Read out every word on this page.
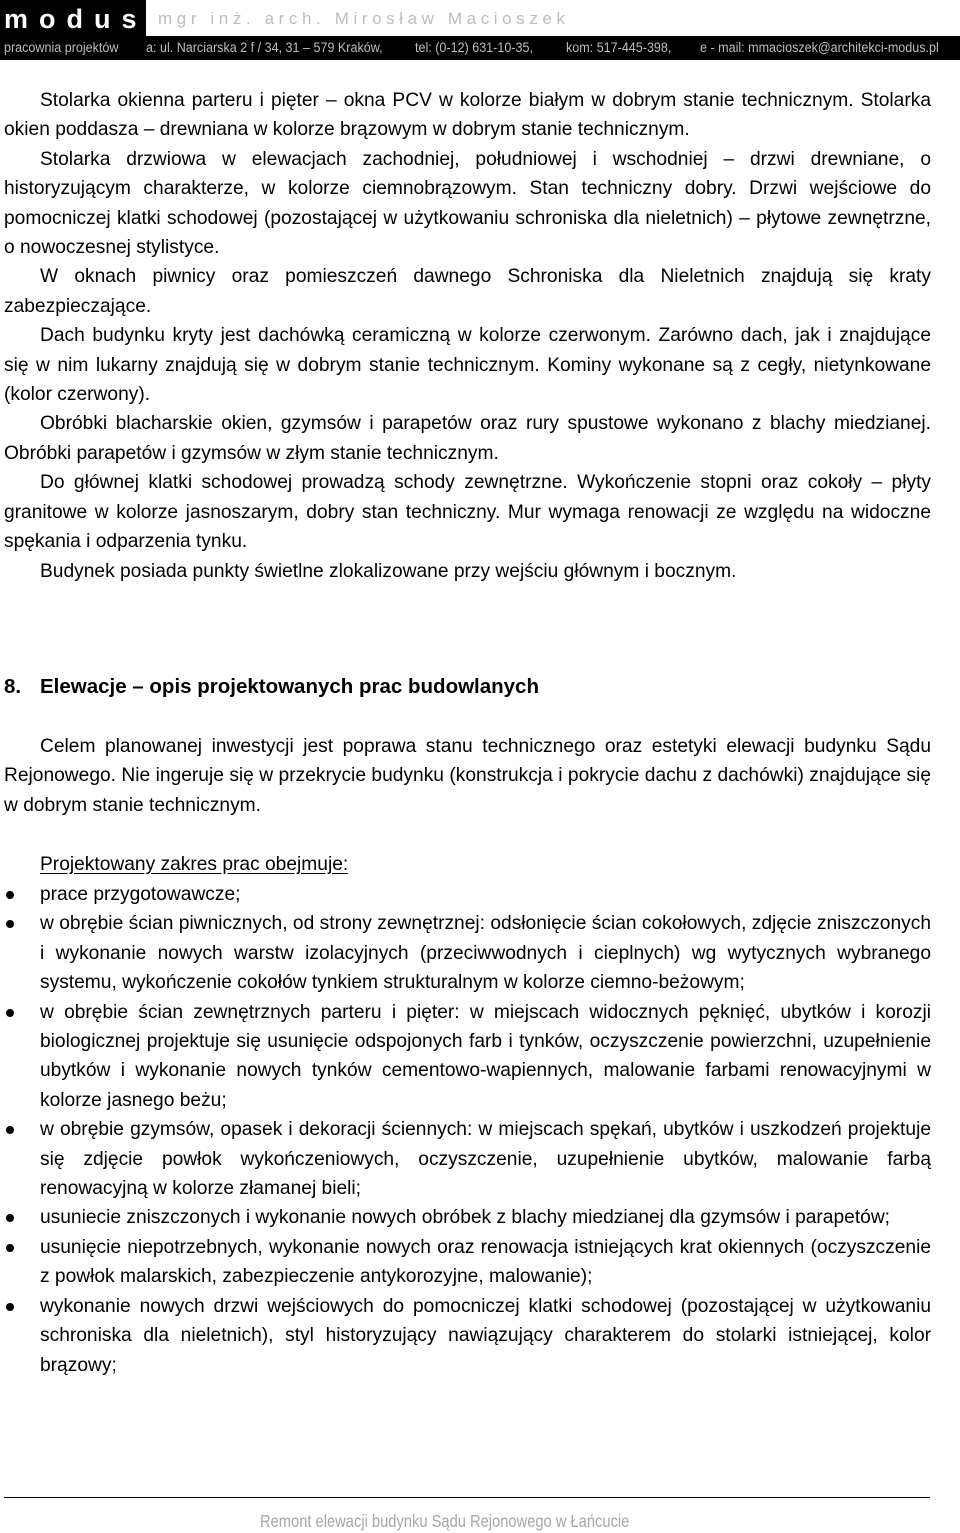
modus mgr inż. arch. Mirosław Macioszek
pracownia projektów a: ul. Narciarska 2 f / 34, 31 – 579 Kraków, tel: (0-12) 631-10-35, kom: 517-445-398, e - mail: mmacioszek@architekci-modus.pl

Stolarka okienna parteru i pięter – okna PCV w kolorze białym w dobrym stanie technicznym. Stolarka okien poddasza – drewniana w kolorze brązowym w dobrym stanie technicznym.

Stolarka drzwiowa w elewacjach zachodniej, południowej i wschodniej – drzwi drewniane, o historyzującym charakterze, w kolorze ciemnobrązowym. Stan techniczny dobry. Drzwi wejściowe do pomocniczej klatki schodowej (pozostającej w użytkowaniu schroniska dla nieletnich) – płytowe zewnętrzne, o nowoczesnej stylistyce.

W oknach piwnicy oraz pomieszczeń dawnego Schroniska dla Nieletnich znajdują się kraty zabezpieczające.

Dach budynku kryty jest dachówką ceramiczną w kolorze czerwonym. Zarówno dach, jak i znajdujące się w nim lukarny znajdują się w dobrym stanie technicznym. Kominy wykonane są z cegły, nietynkowane (kolor czerwony).

Obróbki blacharskie okien, gzymsów i parapetów oraz rury spustowe wykonano z blachy miedzianej. Obróbki parapetów i gzymsów w złym stanie technicznym.

Do głównej klatki schodowej prowadzą schody zewnętrzne. Wykończenie stopni oraz cokoły – płyty granitowe w kolorze jasnoszarym, dobry stan techniczny. Mur wymaga renowacji ze względu na widoczne spękania i odparzenia tynku.

Budynek posiada punkty świetlne zlokalizowane przy wejściu głównym i bocznym.

8. Elewacje – opis projektowanych prac budowlanych

Celem planowanej inwestycji jest poprawa stanu technicznego oraz estetyki elewacji budynku Sądu Rejonowego. Nie ingeruje się w przekrycie budynku (konstrukcja i pokrycie dachu z dachówki) znajdujące się w dobrym stanie technicznym.

Projektowany zakres prac obejmuje:
prace przygotowawcze;
w obrębie ścian piwnicznych, od strony zewnętrznej: odsłonięcie ścian cokołowych, zdjęcie zniszczonych i wykonanie nowych warstw izolacyjnych (przeciwwodnych i cieplnych) wg wytycznych wybranego systemu, wykończenie cokołów tynkiem strukturalnym w kolorze ciemno-beżowym;
w obrębie ścian zewnętrznych parteru i pięter: w miejscach widocznych pęknięć, ubytków i korozji biologicznej projektuje się usunięcie odspojonych farb i tynków, oczyszczenie powierzchni, uzupełnienie ubytków i wykonanie nowych tynków cementowo-wapiennych, malowanie farbami renowacyjnymi w kolorze jasnego beżu;
w obrębie gzymsów, opasek i dekoracji ściennych: w miejscach spękań, ubytków i uszkodzeń projektuje się zdjęcie powłok wykończeniowych, oczyszczenie, uzupełnienie ubytków, malowanie farbą renowacyjną w kolorze złamanej bieli;
usuniecie zniszczonych i wykonanie nowych obróbek z blachy miedzianej dla gzymsów i parapetów;
usunięcie niepotrzebnych, wykonanie nowych oraz renowacja istniejących krat okiennych (oczyszczenie z powłok malarskich, zabezpieczenie antykorozyjne, malowanie);
wykonanie nowych drzwi wejściowych do pomocniczej klatki schodowej (pozostającej w użytkowaniu schroniska dla nieletnich), styl historyzujący nawiązujący charakterem do stolarki istniejącej, kolor brązowy;
Remont elewacji budynku Sądu Rejonowego w Łańcucie
